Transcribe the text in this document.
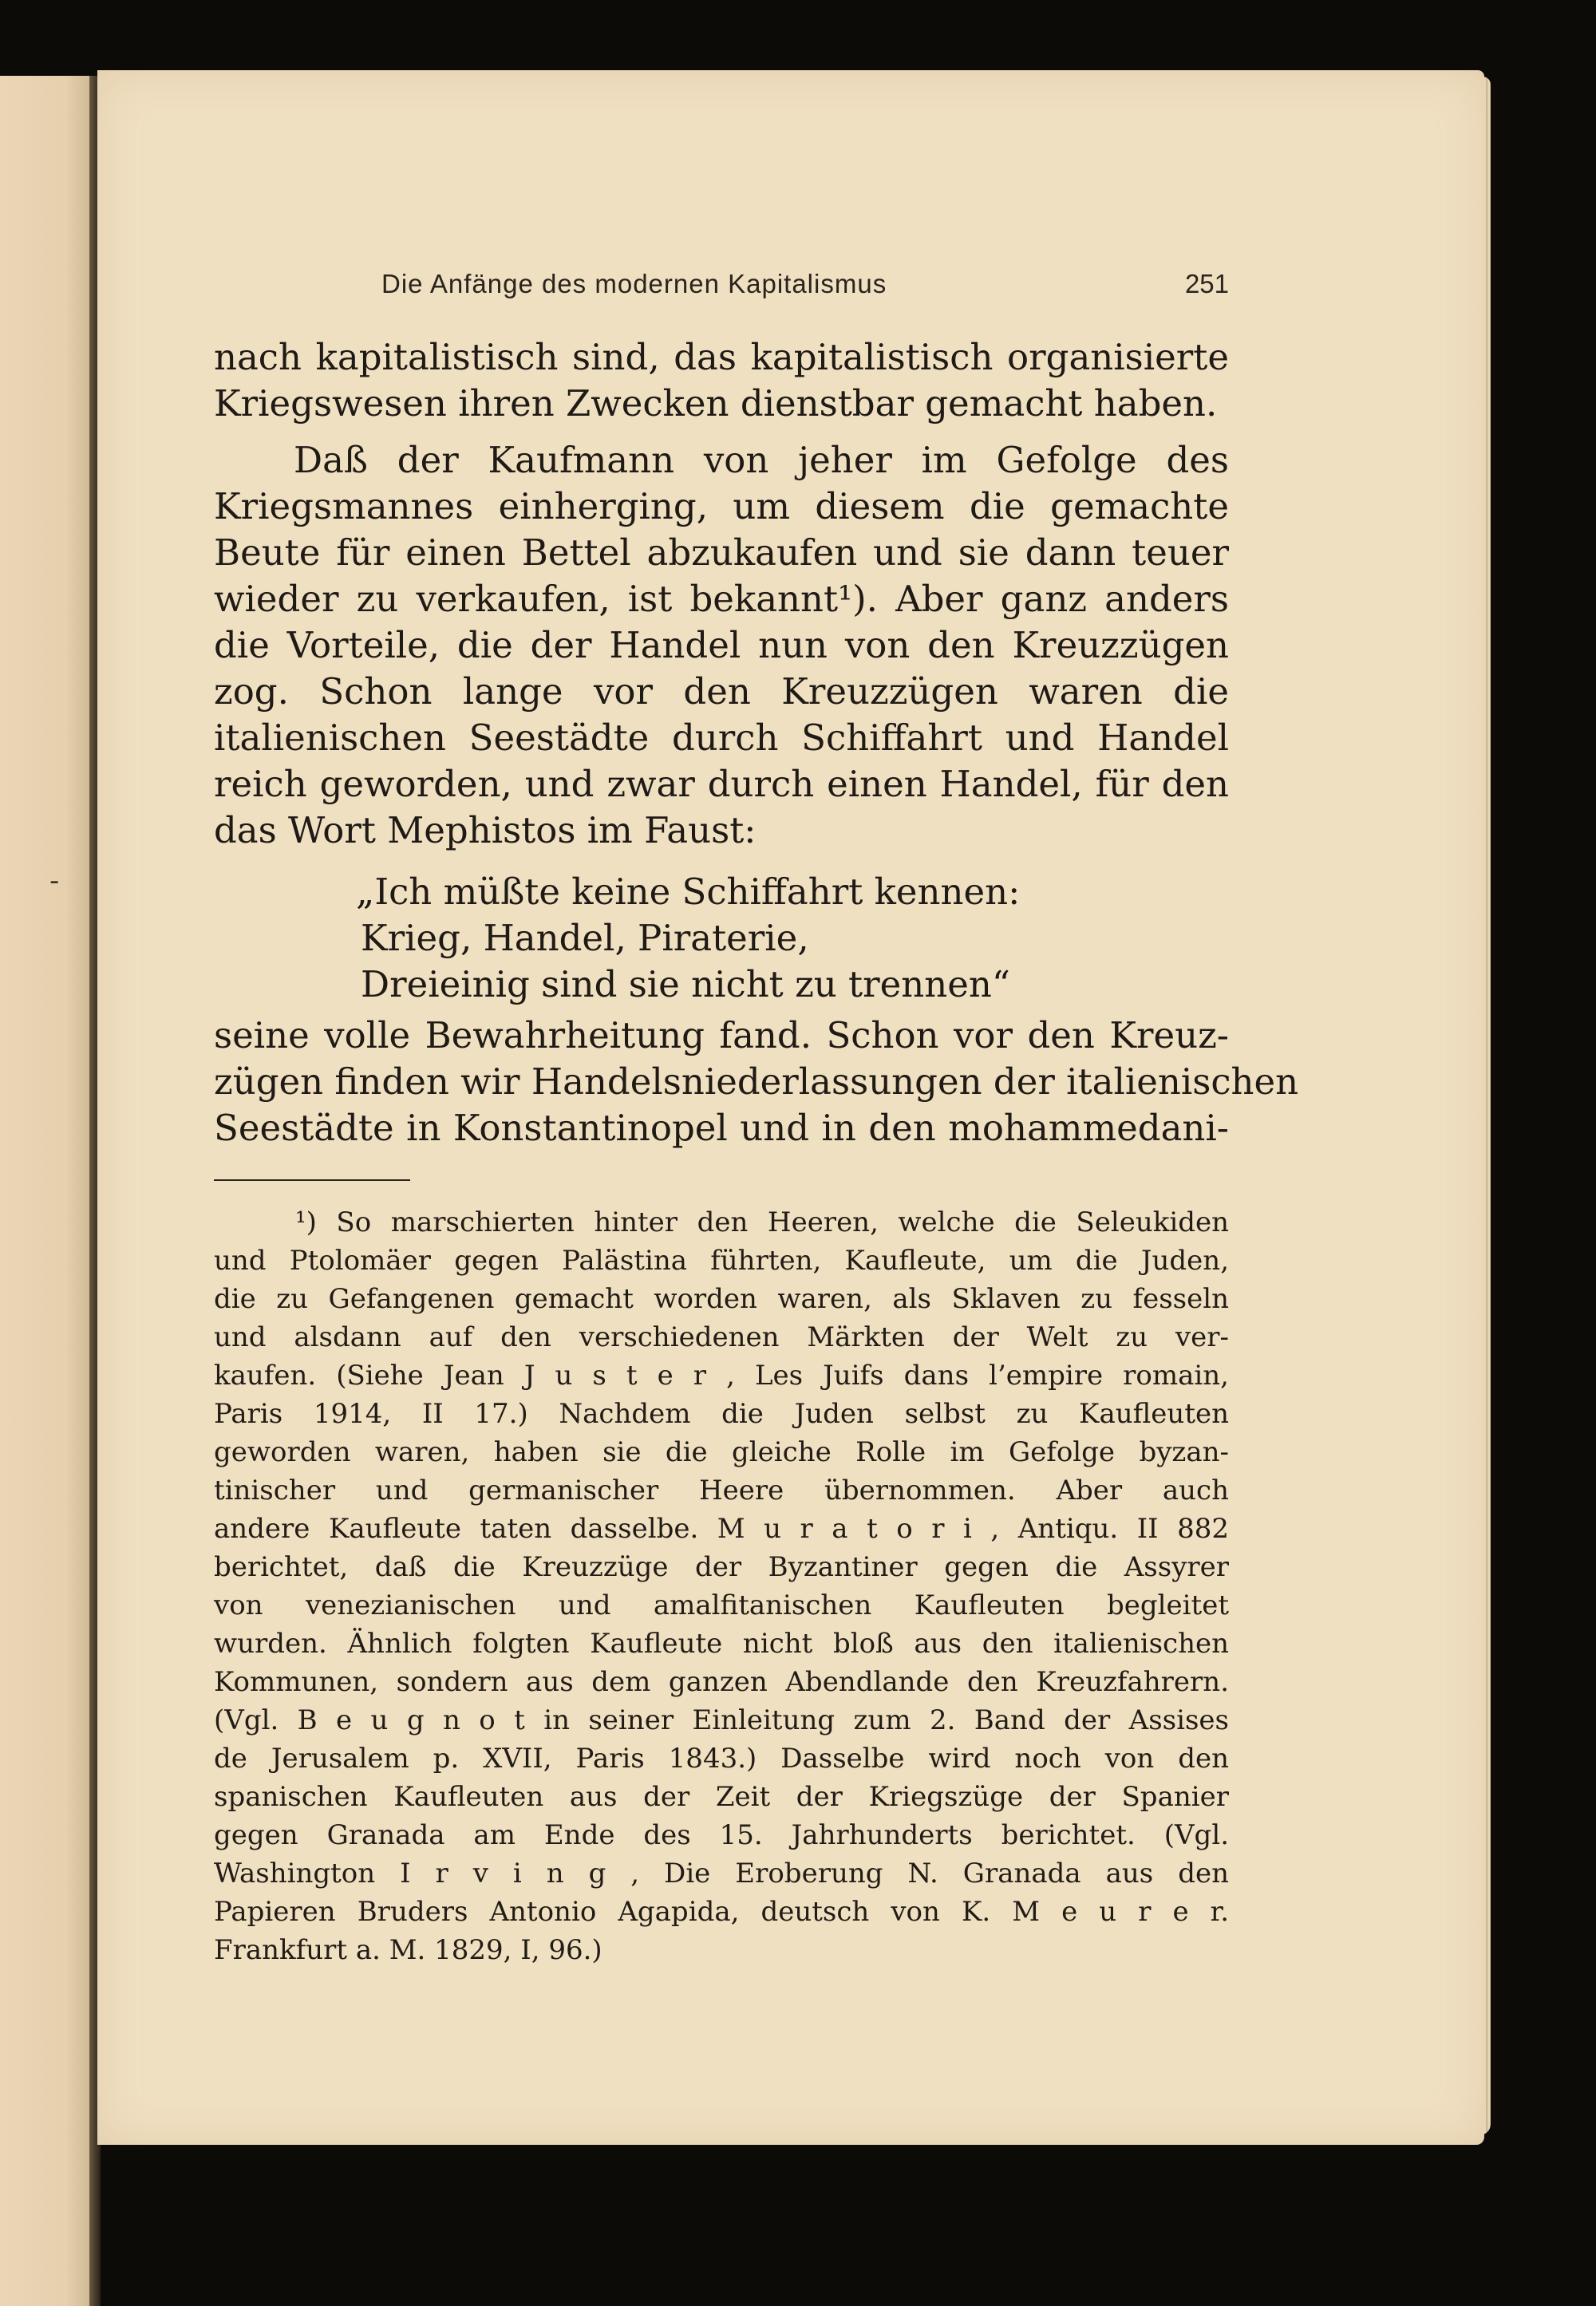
-
Die Anfänge des modernen Kapitalismus	251
nach kapitalistisch sind, das kapitalistisch organisierte
Kriegswesen ihren Zwecken dienstbar gemacht haben.
Daß der Kaufmann von jeher im Gefolge des
Kriegsmannes einherging, um diesem die gemachte
Beute für einen Bettel abzukaufen und sie dann teuer
wieder zu verkaufen, ist bekannt¹). Aber ganz anders
die Vorteile, die der Handel nun von den Kreuzzügen
zog. Schon lange vor den Kreuzzügen waren die
italienischen Seestädte durch Schiffahrt und Handel
reich geworden, und zwar durch einen Handel, für den
das Wort Mephistos im Faust:
„Ich müßte keine Schiffahrt kennen:
Krieg, Handel, Piraterie,
Dreieinig sind sie nicht zu trennen“
seine volle Bewahrheitung fand. Schon vor den Kreuz-
zügen finden wir Handelsniederlassungen der italienischen
Seestädte in Konstantinopel und in den mohammedani-
¹) So marschierten hinter den Heeren, welche die Seleukiden
und Ptolomäer gegen Palästina führten, Kaufleute, um die Juden,
die zu Gefangenen gemacht worden waren, als Sklaven zu fesseln
und alsdann auf den verschiedenen Märkten der Welt zu ver-
kaufen. (Siehe Jean J u s t e r , Les Juifs dans l’empire romain,
Paris 1914, II 17.) Nachdem die Juden selbst zu Kaufleuten
geworden waren, haben sie die gleiche Rolle im Gefolge byzan-
tinischer und germanischer Heere übernommen. Aber auch
andere Kaufleute taten dasselbe. M u r a t o r i , Antiqu. II 882
berichtet, daß die Kreuzzüge der Byzantiner gegen die Assyrer
von venezianischen und amalfitanischen Kaufleuten begleitet
wurden. Ähnlich folgten Kaufleute nicht bloß aus den italienischen
Kommunen, sondern aus dem ganzen Abendlande den Kreuzfahrern.
(Vgl. B e u g n o t in seiner Einleitung zum 2. Band der Assises
de Jerusalem p. XVII, Paris 1843.) Dasselbe wird noch von den
spanischen Kaufleuten aus der Zeit der Kriegszüge der Spanier
gegen Granada am Ende des 15. Jahrhunderts berichtet. (Vgl.
Washington I r v i n g , Die Eroberung N. Granada aus den
Papieren Bruders Antonio Agapida, deutsch von K. M e u r e r.
Frankfurt a. M. 1829, I, 96.)
